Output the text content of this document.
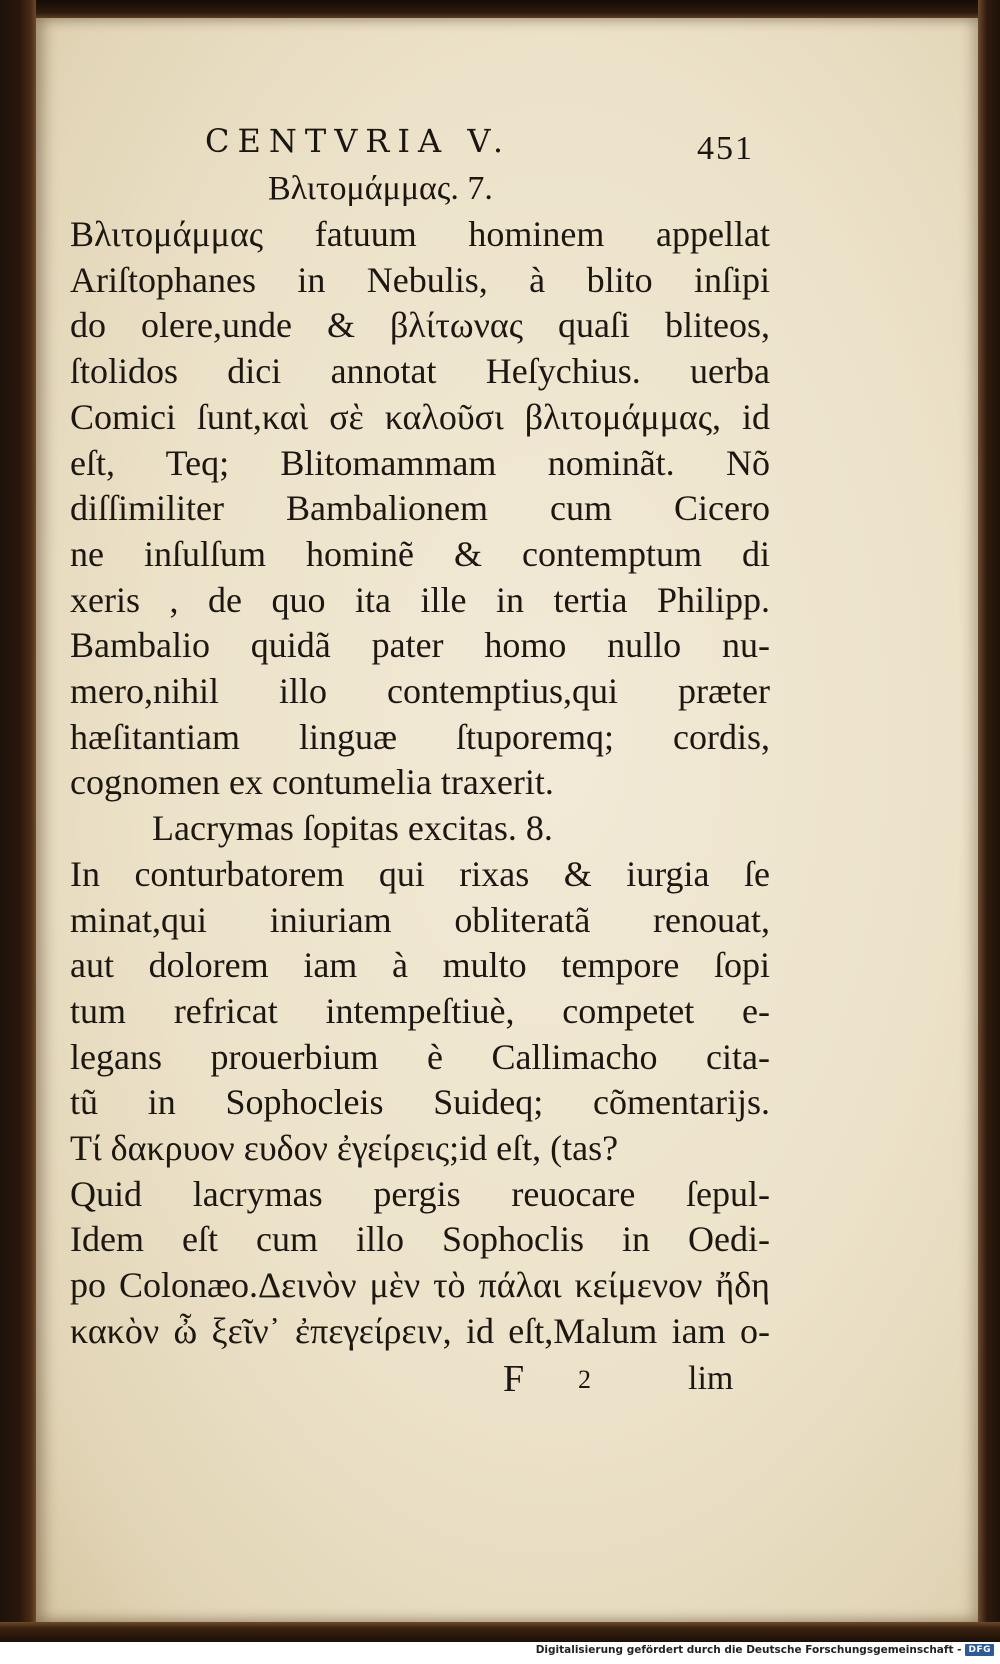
CENTVRIA V.	451
Βλιτομάμμας. 7.
Βλιτομάμμας fatuum hominem appellat
Ariſtophanes in Nebulis, à blito inſipi
do olere,unde & βλίτωνας quaſi bliteos,
ſtolidos dici annotat Heſychius. uerba
Comici ſunt,καὶ σὲ καλοῦσι βλιτομάμμας, id
eſt, Teq; Blitomammam nominãt. Nõ
diſſimiliter Bambalionem cum Cicero
ne inſulſum hominẽ & contemptum di
xeris , de quo ita ille in tertia Philipp.
Bambalio quidã pater homo nullo nu-
mero,nihil illo contemptius,qui præter
hæſitantiam linguæ ſtuporemq; cordis,
cognomen ex contumelia traxerit.
Lacrymas ſopitas excitas. 8.
In conturbatorem qui rixas & iurgia ſe
minat,qui iniuriam obliteratã renouat,
aut dolorem iam à multo tempore ſopi
tum refricat intempeſtiuè, competet e-
legans prouerbium è Callimacho cita-
tũ in Sophocleis Suideq; cõmentarijs.
Τί δακρυον ευδον ἐγείρεις;id eſt, (tas?
Quid lacrymas pergis reuocare ſepul-
Idem eſt cum illo Sophoclis in Oedi-
po Colonæo.Δεινὸν μὲν τὸ πάλαι κείμενον ἤδη
κακὸν ὦ ξεῖν᾽ ἐπεγείρειν, id eſt,Malum iam o-
F 2	lim
Digitalisierung gefördert durch die Deutsche Forschungsgemeinschaft - DFG
